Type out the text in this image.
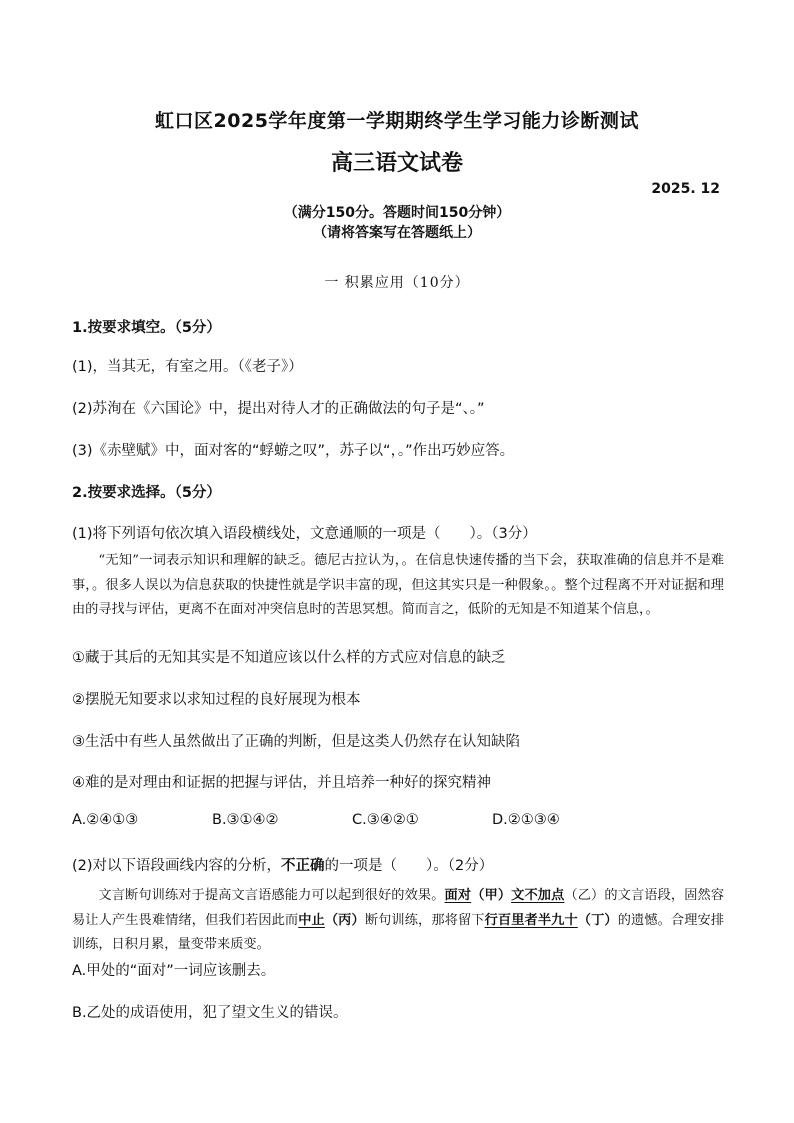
虹口区2025学年度第一学期期终学生学习能力诊断测试
高三语文试卷
2025. 12
（满分150分。答题时间150分钟）
（请将答案写在答题纸上）
一 积累应用（10分）
1.按要求填空。（5分）
(1)，当其无，有室之用。（《老子》）
(2)苏洵在《六国论》中，提出对待人才的正确做法的句子是“、。”
(3)《赤壁赋》中，面对客的“蜉蝣之叹”，苏子以“，。”作出巧妙应答。
2.按要求选择。（5分）
(1)将下列语句依次填入语段横线处，文意通顺的一项是（　　）。（3分）
“无知”一词表示知识和理解的缺乏。德尼古拉认为，。在信息快速传播的当下会，获取准确的信息并不是难事，。很多人误以为信息获取的快捷性就是学识丰富的现，但这其实只是一种假象。。整个过程离不开对证据和理由的寻找与评估，更离不在面对冲突信息时的苦思冥想。简而言之，低阶的无知是不知道某个信息，。
①藏于其后的无知其实是不知道应该以什么样的方式应对信息的缺乏
②摆脱无知要求以求知过程的良好展现为根本
③生活中有些人虽然做出了正确的判断，但是这类人仍然存在认知缺陷
④难的是对理由和证据的把握与评估，并且培养一种好的探究精神
A.②④①③	B.③①④②	C.③④②①	D.②①③④
(2)对以下语段画线内容的分析，不正确的一项是（　　）。（2分）
文言断句训练对于提高文言语感能力可以起到很好的效果。面对（甲）文不加点（乙）的文言语段，固然容易让人产生畏难情绪，但我们若因此而中止（丙）断句训练，那将留下行百里者半九十（丁）的遗憾。合理安排训练，日积月累，量变带来质变。
A.甲处的“面对”一词应该删去。
B.乙处的成语使用，犯了望文生义的错误。
